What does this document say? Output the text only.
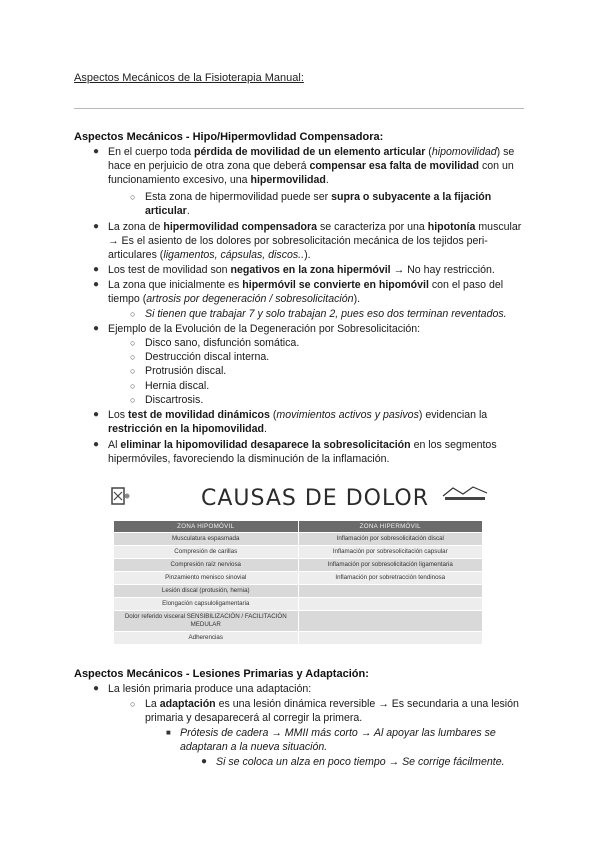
Aspectos Mecánicos de la Fisioterapia Manual:
Aspectos Mecánicos - Hipo/Hipermovlidad Compensadora:
● En el cuerpo toda pérdida de movilidad de un elemento articular (hipomovilidad) se hace en perjuicio de otra zona que deberá compensar esa falta de movilidad con un funcionamiento excesivo, una hipermovilidad.
○ Esta zona de hipermovilidad puede ser supra o subyacente a la fijación articular.
● La zona de hipermovilidad compensadora se caracteriza por una hipotonía muscular → Es el asiento de los dolores por sobresolicitación mecánica de los tejidos peri-articulares (ligamentos, cápsulas, discos..).
● Los test de movilidad son negativos en la zona hipermóvil → No hay restricción.
● La zona que inicialmente es hipermóvil se convierte en hipomóvil con el paso del tiempo (artrosis por degeneración / sobresolicitación).
○ Si tienen que trabajar 7 y solo trabajan 2, pues eso dos terminan reventados.
● Ejemplo de la Evolución de la Degeneración por Sobresolicitación:
○ Disco sano, disfunción somática.
○ Destrucción discal interna.
○ Protrusión discal.
○ Hernia discal.
○ Discartrosis.
● Los test de movilidad dinámicos (movimientos activos y pasivos) evidencian la restricción en la hipomovilidad.
● Al eliminar la hipomovilidad desaparece la sobresolicitación en los segmentos hipermóviles, favoreciendo la disminución de la inflamación.
CAUSAS DE DOLOR
ZONA HIPOMÓVIL	ZONA HIPERMÓVIL
Musculatura espasmada	Inflamación por sobresolicitación discal
Compresión de carillas	Inflamación por sobresolicitación capsular
Compresión raíz nerviosa	Inflamación por sobresolicitación ligamentaria
Pinzamiento menisco sinovial	Inflamación por sobretracción tendinosa
Lesión discal (protusión, hernia)	
Elongación capsuloligamentaria	
Dolor referido visceral SENSIBILIZACIÓN / FACILITACIÓN MEDULAR	
Adherencias	
Aspectos Mecánicos - Lesiones Primarias y Adaptación:
● La lesión primaria produce una adaptación:
○ La adaptación es una lesión dinámica reversible → Es secundaria a una lesión primaria y desaparecerá al corregir la primera.
■ Prótesis de cadera → MMII más corto → Al apoyar las lumbares se adaptaran a la nueva situación.
● Si se coloca un alza en poco tiempo → Se corrige fácilmente.
